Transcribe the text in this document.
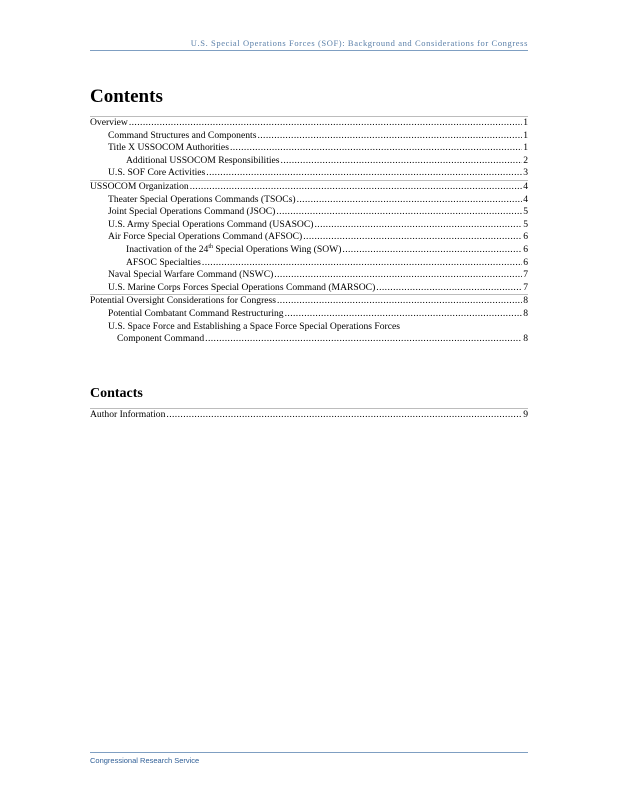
U.S. Special Operations Forces (SOF): Background and Considerations for Congress
Contents
Overview .....	1
Command Structures and Components .....	1
Title X USSOCOM Authorities .....	1
Additional USSOCOM Responsibilities .....	2
U.S. SOF Core Activities .....	3
USSOCOM Organization .....	4
Theater Special Operations Commands (TSOCs) .....	4
Joint Special Operations Command (JSOC) .....	5
U.S. Army Special Operations Command (USASOC) .....	5
Air Force Special Operations Command (AFSOC) .....	6
Inactivation of the 24th Special Operations Wing (SOW) .....	6
AFSOC Specialties .....	6
Naval Special Warfare Command (NSWC) .....	7
U.S. Marine Corps Forces Special Operations Command (MARSOC) .....	7
Potential Oversight Considerations for Congress .....	8
Potential Combatant Command Restructuring .....	8
U.S. Space Force and Establishing a Space Force Special Operations Forces
Component Command .....	8
Contacts
Author Information .....	9
Congressional Research Service
